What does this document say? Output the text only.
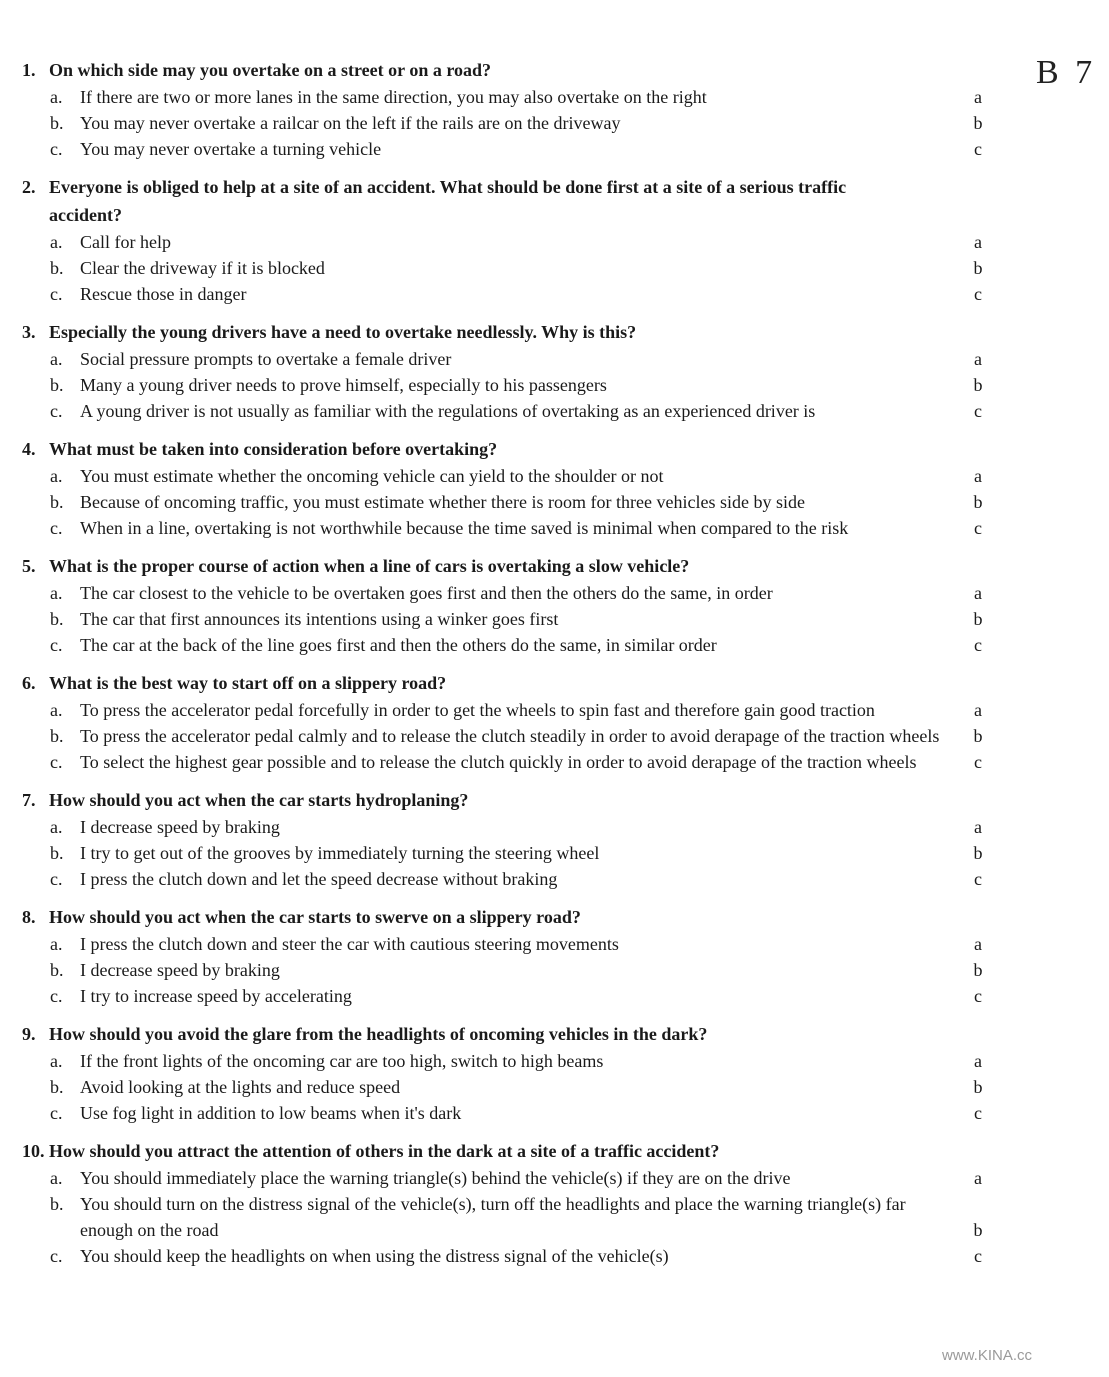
B 7
1. On which side may you overtake on a street or on a road?
a. If there are two or more lanes in the same direction, you may also overtake on the right	a
b. You may never overtake a railcar on the left if the rails are on the driveway	b
c. You may never overtake a turning vehicle	c
2. Everyone is obliged to help at a site of an accident. What should be done first at a site of a serious traffic accident?
a. Call for help	a
b. Clear the driveway if it is blocked	b
c. Rescue those in danger	c
3. Especially the young drivers have a need to overtake needlessly. Why is this?
a. Social pressure prompts to overtake a female driver	a
b. Many a young driver needs to prove himself, especially to his passengers	b
c. A young driver is not usually as familiar with the regulations of overtaking as an experienced driver is	c
4. What must be taken into consideration before overtaking?
a. You must estimate whether the oncoming vehicle can yield to the shoulder or not	a
b. Because of oncoming traffic, you must estimate whether there is room for three vehicles side by side	b
c. When in a line, overtaking is not worthwhile because the time saved is minimal when compared to the risk	c
5. What is the proper course of action when a line of cars is overtaking a slow vehicle?
a. The car closest to the vehicle to be overtaken goes first and then the others do the same, in order	a
b. The car that first announces its intentions using a winker goes first	b
c. The car at the back of the line goes first and then the others do the same, in similar order	c
6. What is the best way to start off on a slippery road?
a. To press the accelerator pedal forcefully in order to get the wheels to spin fast and therefore gain good traction	a
b. To press the accelerator pedal calmly and to release the clutch steadily in order to avoid derapage of the traction wheels	b
c. To select the highest gear possible and to release the clutch quickly in order to avoid derapage of the traction wheels	c
7. How should you act when the car starts hydroplaning?
a. I decrease speed by braking	a
b. I try to get out of the grooves by immediately turning the steering wheel	b
c. I press the clutch down and let the speed decrease without braking	c
8. How should you act when the car starts to swerve on a slippery road?
a. I press the clutch down and steer the car with cautious steering movements	a
b. I decrease speed by braking	b
c. I try to increase speed by accelerating	c
9. How should you avoid the glare from the headlights of oncoming vehicles in the dark?
a. If the front lights of the oncoming car are too high, switch to high beams	a
b. Avoid looking at the lights and reduce speed	b
c. Use fog light in addition to low beams when it's dark	c
10. How should you attract the attention of others in the dark at a site of a traffic accident?
a. You should immediately place the warning triangle(s) behind the vehicle(s) if they are on the drive	a
b. You should turn on the distress signal of the vehicle(s), turn off the headlights and place the warning triangle(s) far enough on the road	b
c. You should keep the headlights on when using the distress signal of the vehicle(s)	c
www.KINA.cc
